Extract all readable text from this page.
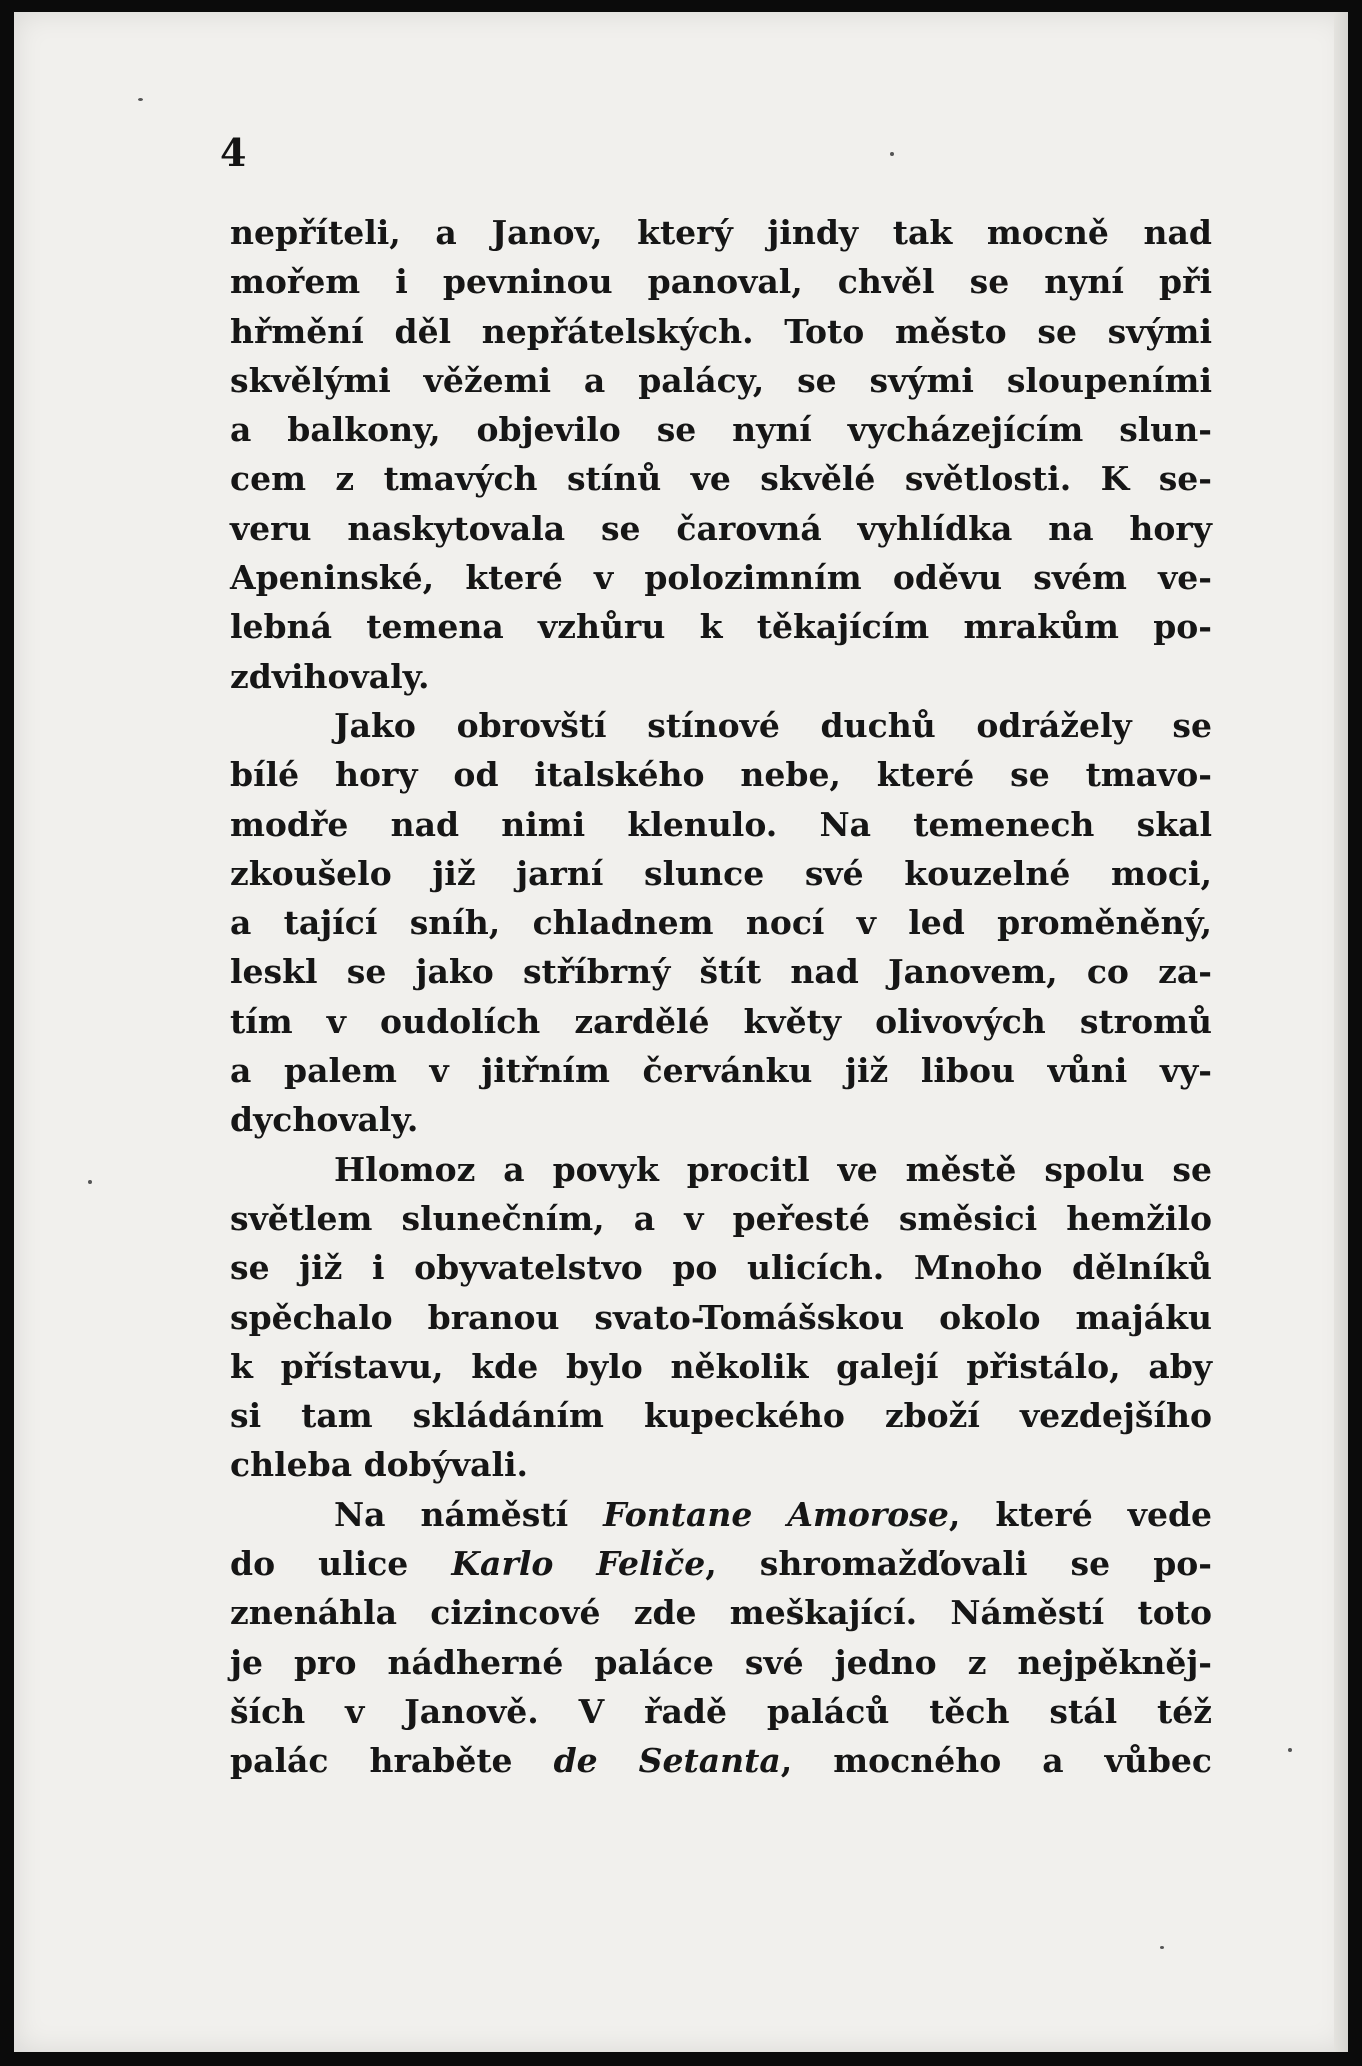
4
nepříteli, a Janov, který jindy tak mocně nad
mořem i pevninou panoval, chvěl se nyní při
hřmění děl nepřátelských. Toto město se svými
skvělými věžemi a palácy, se svými sloupeními
a balkony, objevilo se nyní vycházejícím slun-
cem z tmavých stínů ve skvělé světlosti. K se-
veru naskytovala se čarovná vyhlídka na hory
Apeninské, které v polozimním oděvu svém ve-
lebná temena vzhůru k těkajícím mrakům po-
zdvihovaly.
Jako obrovští stínové duchů odrážely se
bílé hory od italského nebe, které se tmavo-
modře nad nimi klenulo. Na temenech skal
zkoušelo již jarní slunce své kouzelné moci,
a tající sníh, chladnem nocí v led proměněný,
leskl se jako stříbrný štít nad Janovem, co za-
tím v oudolích zardělé květy olivových stromů
a palem v jitřním červánku již libou vůni vy-
dychovaly.
Hlomoz a povyk procitl ve městě spolu se
světlem slunečním, a v peřesté směsici hemžilo
se již i obyvatelstvo po ulicích. Mnoho dělníků
spěchalo branou svato-Tomášskou okolo majáku
k přístavu, kde bylo několik galejí přistálo, aby
si tam skládáním kupeckého zboží vezdejšího
chleba dobývali.
Na náměstí Fontane Amorose, které vede
do ulice Karlo Feliče, shromažďovali se po-
znenáhla cizincové zde meškající. Náměstí toto
je pro nádherné paláce své jedno z nejpěkněj-
ších v Janově. V řadě paláců těch stál též
palác hraběte de Setanta, mocného a vůbec
